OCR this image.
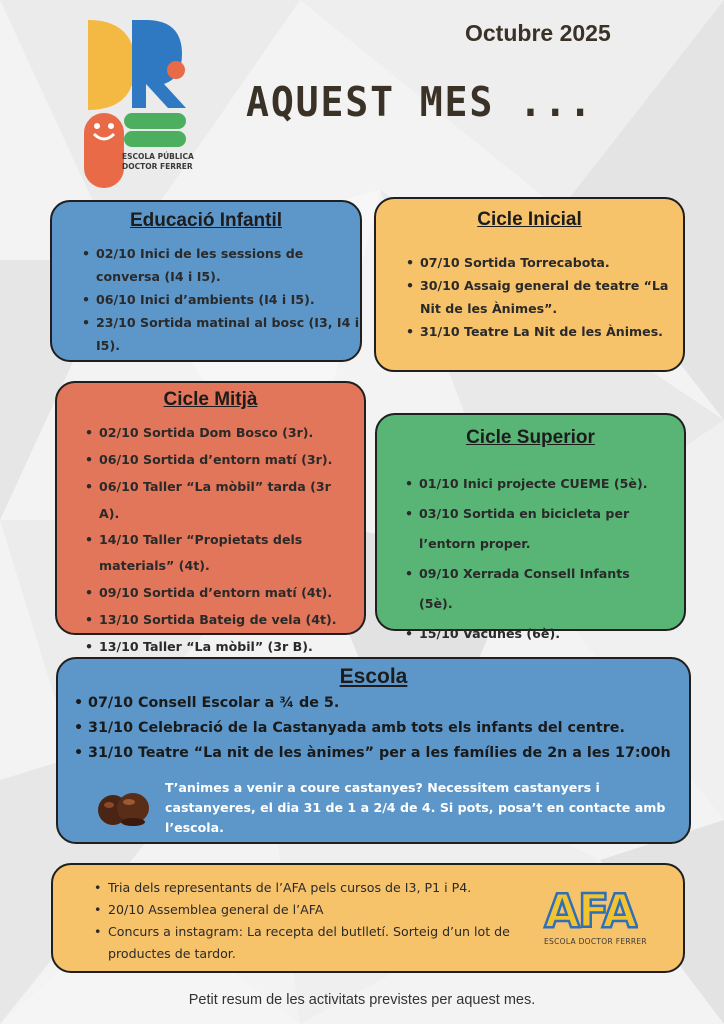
ESCOLA PÚBLICA
DOCTOR FERRER
Octubre 2025
AQUEST MES ...
Educació Infantil
• 02/10 Inici de les sessions de conversa (I4 i I5).
• 06/10 Inici d’ambients (I4 i I5).
• 23/10 Sortida matinal al bosc (I3, I4 i I5).
Cicle Inicial
• 07/10 Sortida Torrecabota.
• 30/10 Assaig general de teatre “La Nit de les Ànimes”.
• 31/10 Teatre La Nit de les Ànimes.
Cicle Mitjà
• 02/10 Sortida Dom Bosco (3r).
• 06/10 Sortida d’entorn matí (3r).
• 06/10 Taller “La mòbil” tarda (3r A).
• 14/10 Taller “Propietats dels materials” (4t).
• 09/10 Sortida d’entorn matí (4t).
• 13/10 Sortida Bateig de vela (4t).
• 13/10 Taller “La mòbil” (3r B).
Cicle Superior
• 01/10 Inici projecte CUEME (5è).
• 03/10 Sortida en bicicleta per l’entorn proper.
• 09/10 Xerrada Consell Infants (5è).
• 15/10 Vacunes (6è).
Escola
• 07/10 Consell Escolar a ¾ de 5.
• 31/10 Celebració de la Castanyada amb tots els infants del centre.
• 31/10 Teatre “La nit de les ànimes” per a les famílies de 2n a les 17:00h
T’animes a venir a coure castanyes? Necessitem castanyers i castanyeres, el dia 31 de 1 a 2/4 de 4. Si pots, posa’t en contacte amb l’escola.
• Tria dels representants de l’AFA pels cursos de I3, P1 i P4.
• 20/10 Assemblea general de l’AFA
• Concurs a instagram: La recepta del butlletí. Sorteig d’un lot de productes de tardor.
AFA
ESCOLA DOCTOR FERRER
Petit resum de les activitats previstes per aquest mes.
